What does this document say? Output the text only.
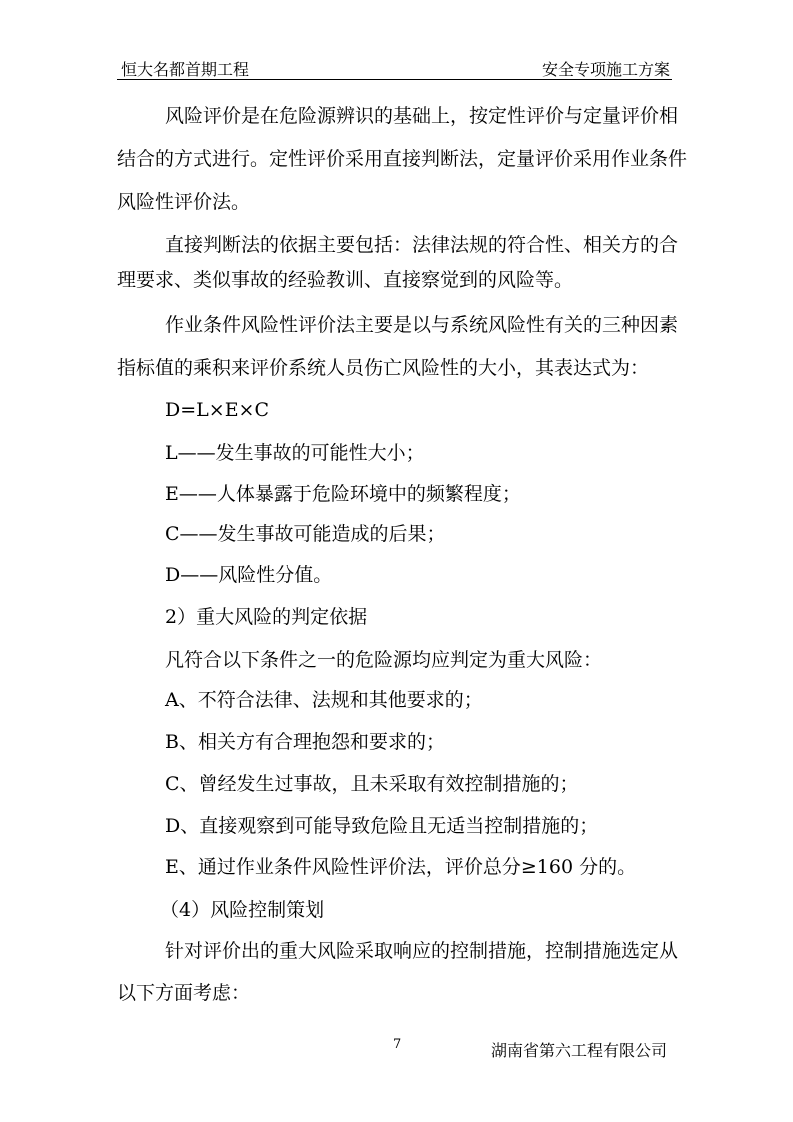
恒大名都首期工程	安全专项施工方案
风险评价是在危险源辨识的基础上，按定性评价与定量评价相
结合的方式进行。定性评价采用直接判断法，定量评价采用作业条件
风险性评价法。
直接判断法的依据主要包括：法律法规的符合性、相关方的合
理要求、类似事故的经验教训、直接察觉到的风险等。
作业条件风险性评价法主要是以与系统风险性有关的三种因素
指标值的乘积来评价系统人员伤亡风险性的大小，其表达式为：
D=L×E×C
L——发生事故的可能性大小；
E——人体暴露于危险环境中的频繁程度；
C——发生事故可能造成的后果；
D——风险性分值。
2）重大风险的判定依据
凡符合以下条件之一的危险源均应判定为重大风险：
A、不符合法律、法规和其他要求的；
B、相关方有合理抱怨和要求的；
C、曾经发生过事故，且未采取有效控制措施的；
D、直接观察到可能导致危险且无适当控制措施的；
E、通过作业条件风险性评价法，评价总分≥160 分的。
（4）风险控制策划
针对评价出的重大风险采取响应的控制措施，控制措施选定从
以下方面考虑：
7	湖南省第六工程有限公司
